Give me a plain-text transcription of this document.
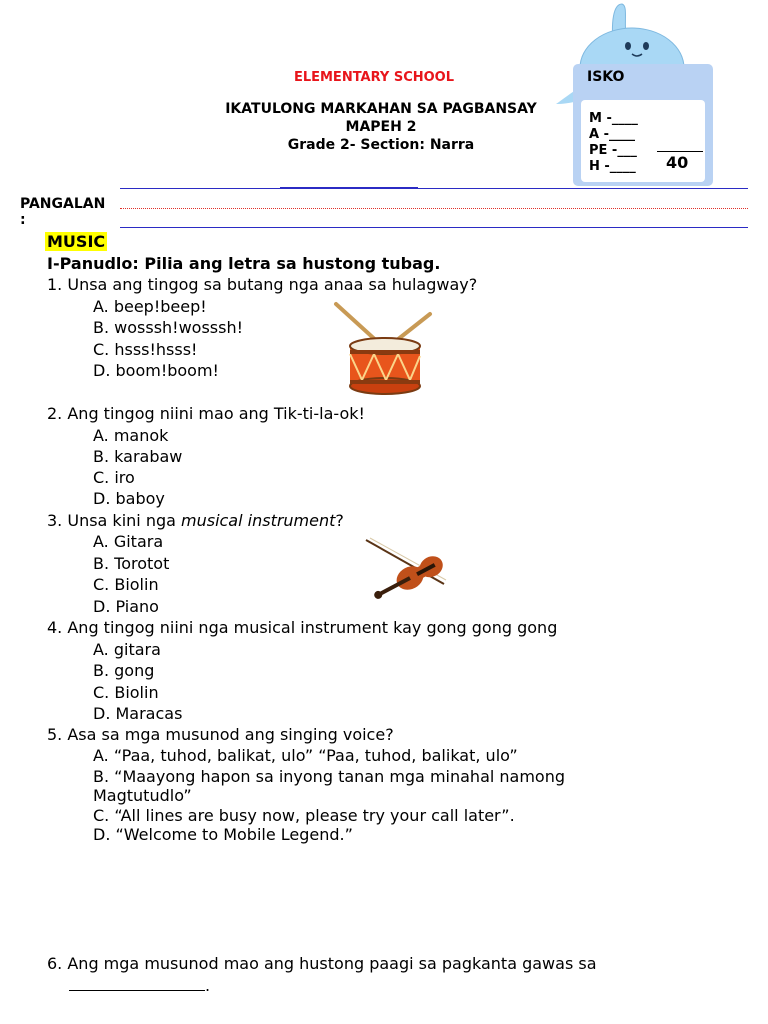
ISKO
M -____
A -____
PE -___
H -____ 40
ELEMENTARY SCHOOL
IKATULONG MARKAHAN SA PAGBANSAY
MAPEH 2
Grade 2- Section: Narra
PANGALAN
:
MUSIC
I-Panudlo: Pilia ang letra sa hustong tubag.
1. Unsa ang tingog sa butang nga anaa sa hulagway?
A. beep!beep!
B. wosssh!wosssh!
C. hsss!hsss!
D. boom!boom!
2. Ang tingog niini mao ang Tik-ti-la-ok!
A. manok
B. karabaw
C. iro
D. baboy
3. Unsa kini nga musical instrument?
A. Gitara
B. Torotot
C. Biolin
D. Piano
4. Ang tingog niini nga musical instrument kay gong gong gong
A. gitara
B. gong
C. Biolin
D. Maracas
5. Asa sa mga musunod ang singing voice?
A. “Paa, tuhod, balikat, ulo” “Paa, tuhod, balikat, ulo”
B. “Maayong hapon sa inyong tanan mga minahal namong Magtutudlo”
C. “All lines are busy now, please try your call later”.
D. “Welcome to Mobile Legend.”
6. Ang mga musunod mao ang hustong paagi sa pagkanta gawas sa
.
